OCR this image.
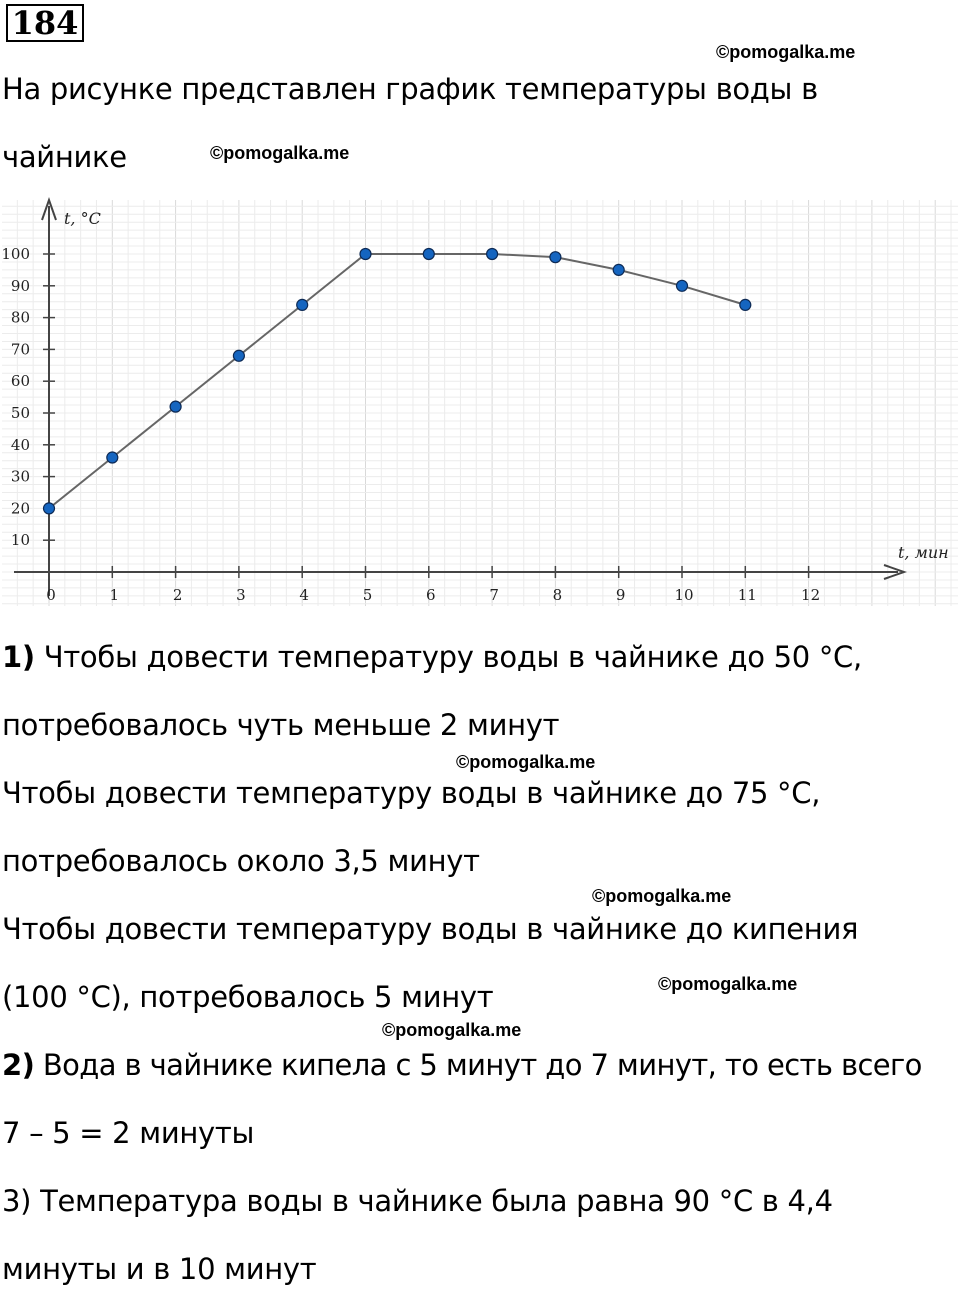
184
©pomogalka.me
На рисунке представлен график температуры воды в
чайнике	©pomogalka.me
0	1	2	3	4	5	6	7	8	9	10	11	12
10
20
30
40
50
60
70
80
90
100
t, °C
t, мин
1) Чтобы довести температуру воды в чайнике до 50 °C,
потребовалось чуть меньше 2 минут
©pomogalka.me
Чтобы довести температуру воды в чайнике до 75 °C,
потребовалось около 3,5 минут
©pomogalka.me
Чтобы довести температуру воды в чайнике до кипения
©pomogalka.me
(100 °C), потребовалось 5 минут
©pomogalka.me
2) Вода в чайнике кипела с 5 минут до 7 минут, то есть всего
7 – 5 = 2 минуты
3) Температура воды в чайнике была равна 90 °C в 4,4
минуты и в 10 минут
